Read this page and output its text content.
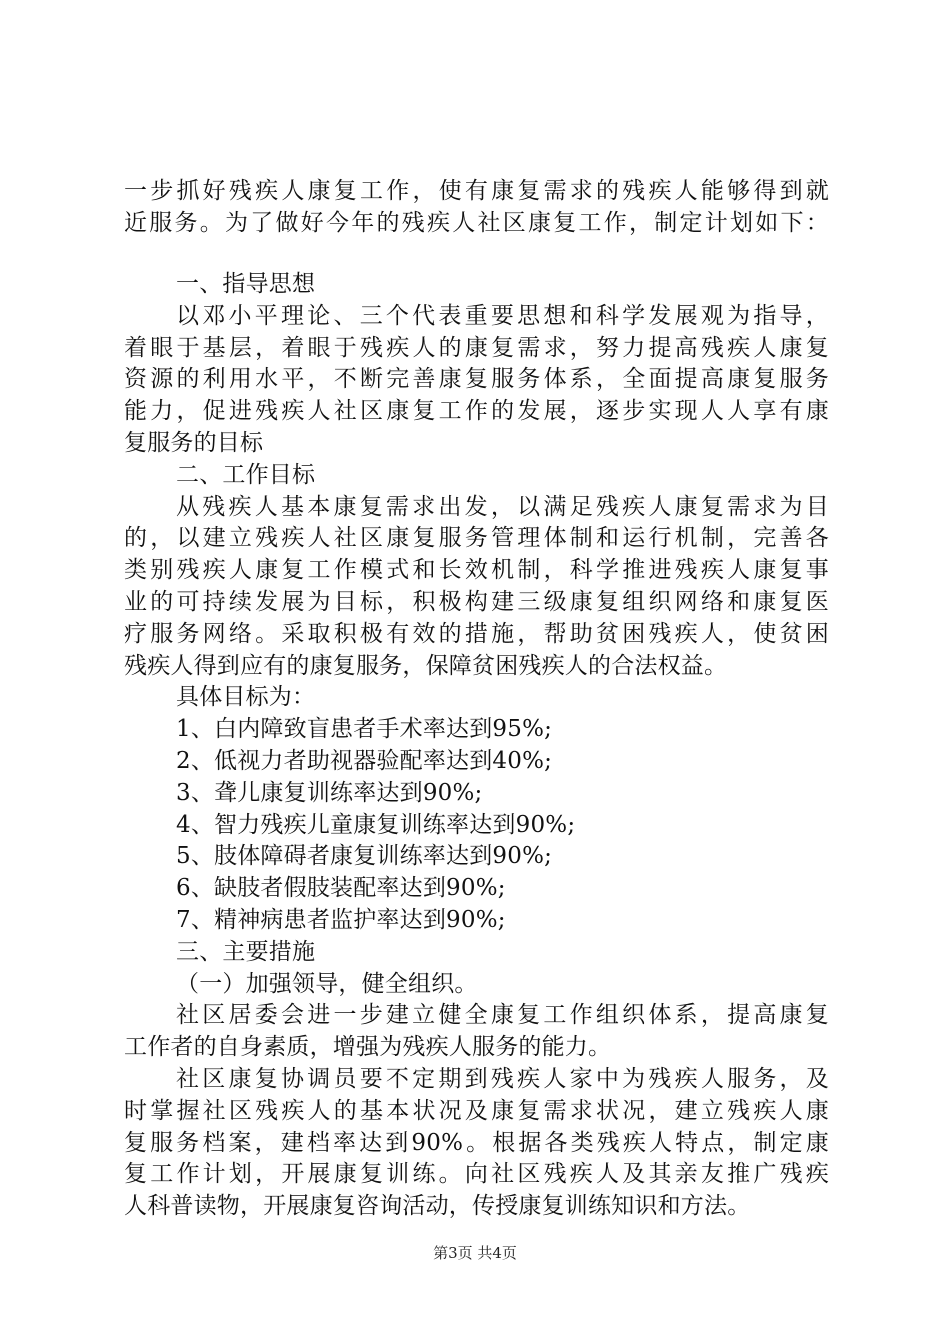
一步抓好残疾人康复工作，使有康复需求的残疾人能够得到就
近服务。为了做好今年的残疾人社区康复工作，制定计划如下：
一、指导思想
以邓小平理论、三个代表重要思想和科学发展观为指导，
着眼于基层，着眼于残疾人的康复需求，努力提高残疾人康复
资源的利用水平，不断完善康复服务体系，全面提高康复服务
能力，促进残疾人社区康复工作的发展，逐步实现人人享有康
复服务的目标
二、工作目标
从残疾人基本康复需求出发，以满足残疾人康复需求为目
的，以建立残疾人社区康复服务管理体制和运行机制，完善各
类别残疾人康复工作模式和长效机制，科学推进残疾人康复事
业的可持续发展为目标，积极构建三级康复组织网络和康复医
疗服务网络。采取积极有效的措施，帮助贫困残疾人，使贫困
残疾人得到应有的康复服务，保障贫困残疾人的合法权益。
具体目标为：
1、白内障致盲患者手术率达到95%;
2、低视力者助视器验配率达到40%;
3、聋儿康复训练率达到90%;
4、智力残疾儿童康复训练率达到90%;
5、肢体障碍者康复训练率达到90%;
6、缺肢者假肢装配率达到90%;
7、精神病患者监护率达到90%;
三、主要措施
（一）加强领导，健全组织。
社区居委会进一步建立健全康复工作组织体系，提高康复
工作者的自身素质，增强为残疾人服务的能力。
社区康复协调员要不定期到残疾人家中为残疾人服务，及
时掌握社区残疾人的基本状况及康复需求状况，建立残疾人康
复服务档案，建档率达到90%。根据各类残疾人特点，制定康
复工作计划，开展康复训练。向社区残疾人及其亲友推广残疾
人科普读物，开展康复咨询活动，传授康复训练知识和方法。
第3页 共4页
